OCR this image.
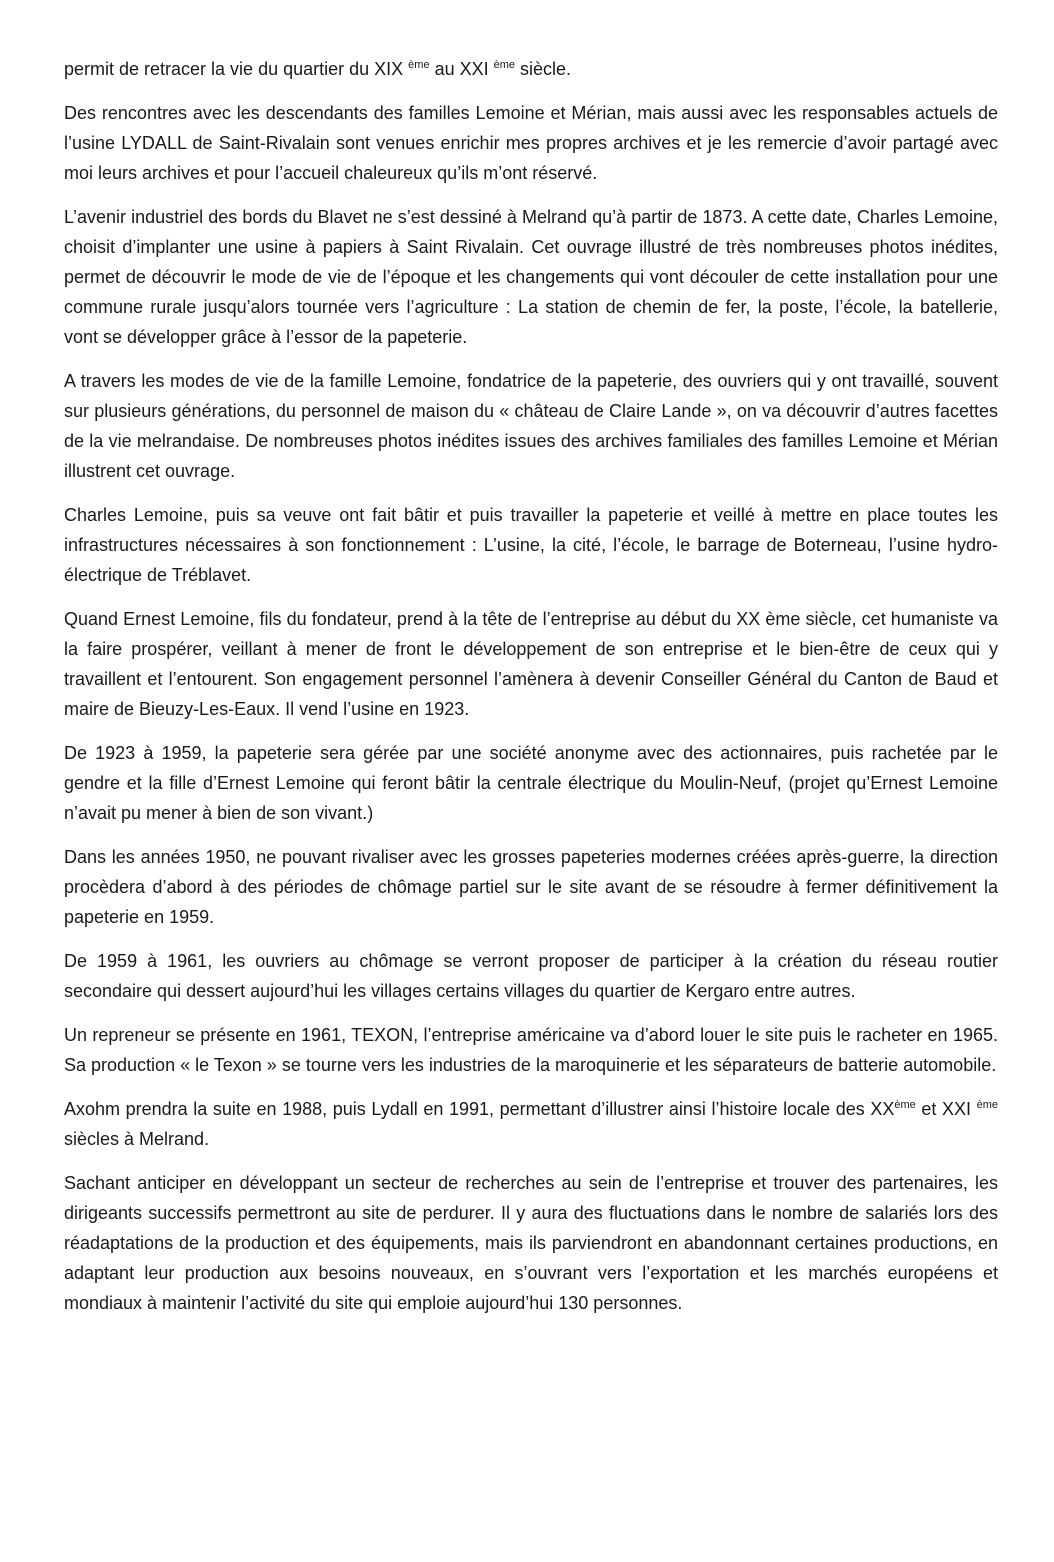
permit de retracer la vie du quartier du XIX $^{ème}$ au XXI $^{ème}$ siècle.

Des rencontres avec les descendants des familles Lemoine et Mérian, mais aussi avec les responsables actuels de l’usine LYDALL de Saint-Rivalain sont venues enrichir mes propres archives et je les remercie d’avoir partagé avec moi leurs archives et pour l’accueil chaleureux qu’ils m’ont réservé.

L’avenir industriel des bords du Blavet ne s’est dessiné à Melrand qu’à partir de 1873. A cette date, Charles Lemoine, choisit d’implanter une usine à papiers à Saint Rivalain. Cet ouvrage illustré de très nombreuses photos inédites, permet de découvrir le mode de vie de l’époque et les changements qui vont découler de cette installation pour une commune rurale jusqu’alors tournée vers l’agriculture : La station de chemin de fer, la poste, l’école, la batellerie, vont se développer grâce à l’essor de la papeterie.

A travers les modes de vie de la famille Lemoine, fondatrice de la papeterie, des ouvriers qui y ont travaillé, souvent sur plusieurs générations, du personnel de maison du « château de Claire Lande », on va découvrir d’autres facettes de la vie melrandaise. De nombreuses photos inédites issues des archives familiales des familles Lemoine et Mérian illustrent cet ouvrage.

Charles Lemoine, puis sa veuve ont fait bâtir et puis travailler la papeterie et veillé à mettre en place toutes les infrastructures nécessaires à son fonctionnement : L’usine, la cité, l’école, le barrage de Boterneau, l’usine hydro-électrique de Tréblavet.

Quand Ernest Lemoine, fils du fondateur, prend à la tête de l’entreprise au début du XX ème siècle, cet humaniste va la faire prospérer, veillant à mener de front le développement de son entreprise et le bien-être de ceux qui y travaillent et l’entourent. Son engagement personnel l’amènera à devenir Conseiller Général du Canton de Baud et maire de Bieuzy-Les-Eaux. Il vend l’usine en 1923.

De 1923 à 1959, la papeterie sera gérée par une société anonyme avec des actionnaires, puis rachetée par le gendre et la fille d’Ernest Lemoine qui feront bâtir la centrale électrique du Moulin-Neuf, (projet qu’Ernest Lemoine n’avait pu mener à bien de son vivant.)

Dans les années 1950, ne pouvant rivaliser avec les grosses papeteries modernes créées après-guerre, la direction procèdera d’abord à des périodes de chômage partiel sur le site avant de se résoudre à fermer définitivement la papeterie en 1959.

De 1959 à 1961, les ouvriers au chômage se verront proposer de participer à la création du réseau routier secondaire qui dessert aujourd’hui les villages certains villages du quartier de Kergaro entre autres.

Un repreneur se présente en 1961, TEXON, l’entreprise américaine va d’abord louer le site puis le racheter en 1965. Sa production « le Texon » se tourne vers les industries de la maroquinerie et les séparateurs de batterie automobile.

Axohm prendra la suite en 1988, puis Lydall en 1991, permettant d’illustrer ainsi l’histoire locale des XXème et XXI $^{ème}$ siècles à Melrand.

Sachant anticiper en développant un secteur de recherches au sein de l’entreprise et trouver des partenaires, les dirigeants successifs permettront au site de perdurer. Il y aura des fluctuations dans le nombre de salariés lors des réadaptations de la production et des équipements, mais ils parviendront en abandonnant certaines productions, en adaptant leur production aux besoins nouveaux, en s’ouvrant vers l’exportation et les marchés européens et mondiaux à maintenir l’activité du site qui emploie aujourd’hui 130 personnes.
